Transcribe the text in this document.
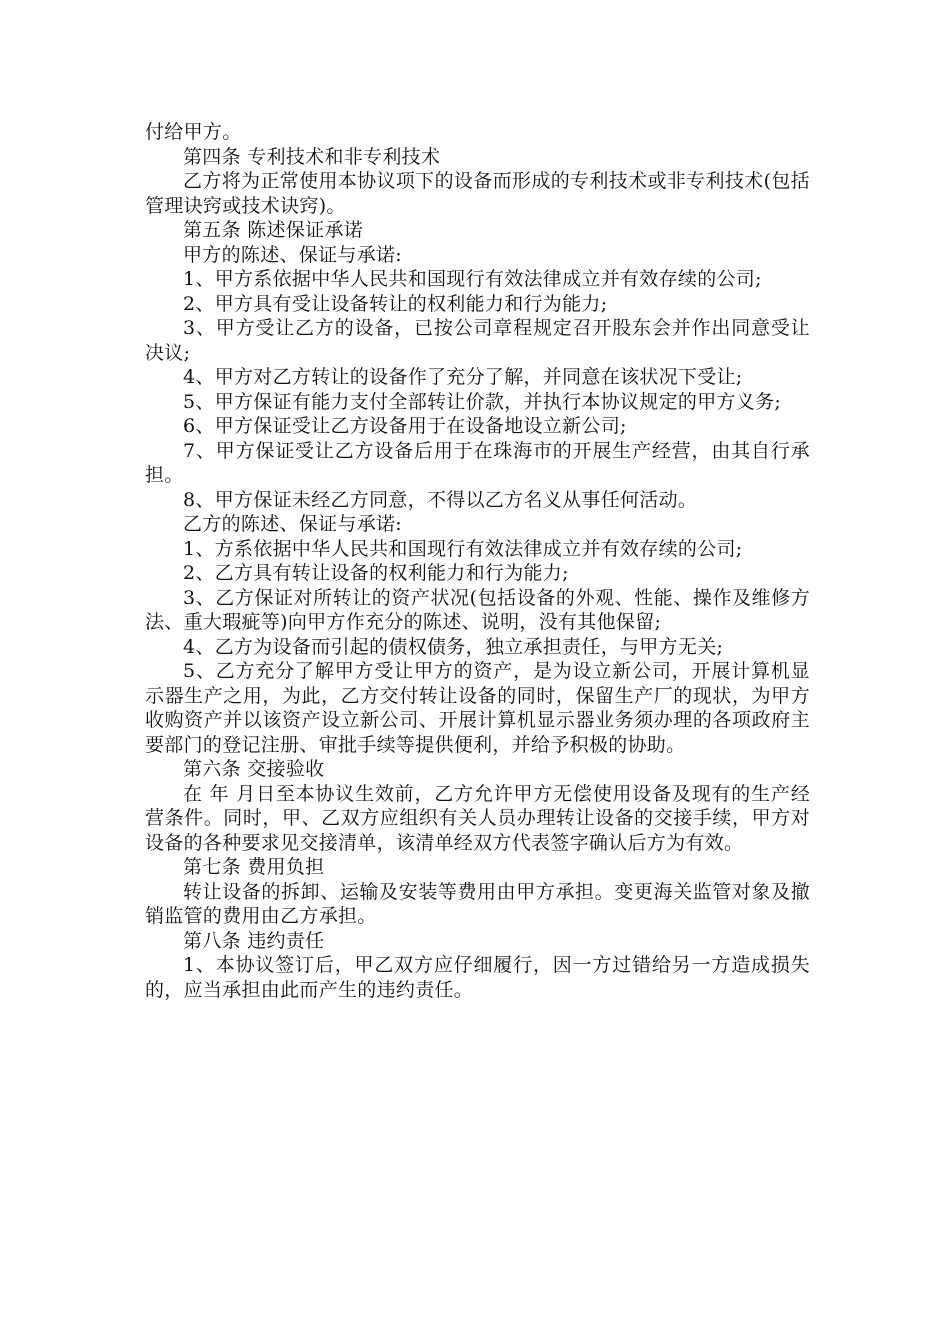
付给甲方。

第四条 专利技术和非专利技术

乙方将为正常使用本协议项下的设备而形成的专利技术或非专利技术(包括管理诀窍或技术诀窍)。

第五条 陈述保证承诺

甲方的陈述、保证与承诺:

1、甲方系依据中华人民共和国现行有效法律成立并有效存续的公司;

2、甲方具有受让设备转让的权利能力和行为能力;

3、甲方受让乙方的设备，已按公司章程规定召开股东会并作出同意受让决议;

4、甲方对乙方转让的设备作了充分了解，并同意在该状况下受让;

5、甲方保证有能力支付全部转让价款，并执行本协议规定的甲方义务;

6、甲方保证受让乙方设备用于在设备地设立新公司;

7、甲方保证受让乙方设备后用于在珠海市的开展生产经营，由其自行承担。

8、甲方保证未经乙方同意，不得以乙方名义从事任何活动。

乙方的陈述、保证与承诺:

1、方系依据中华人民共和国现行有效法律成立并有效存续的公司;

2、乙方具有转让设备的权利能力和行为能力;

3、乙方保证对所转让的资产状况(包括设备的外观、性能、操作及维修方法、重大瑕疵等)向甲方作充分的陈述、说明，没有其他保留;

4、乙方为设备而引起的债权债务，独立承担责任，与甲方无关;

5、乙方充分了解甲方受让甲方的资产，是为设立新公司，开展计算机显示器生产之用，为此，乙方交付转让设备的同时，保留生产厂的现状，为甲方收购资产并以该资产设立新公司、开展计算机显示器业务须办理的各项政府主要部门的登记注册、审批手续等提供便利，并给予积极的协助。

第六条 交接验收

在 年 月日至本协议生效前，乙方允许甲方无偿使用设备及现有的生产经营条件。同时，甲、乙双方应组织有关人员办理转让设备的交接手续，甲方对设备的各种要求见交接清单，该清单经双方代表签字确认后方为有效。

第七条 费用负担

转让设备的拆卸、运输及安装等费用由甲方承担。变更海关监管对象及撤销监管的费用由乙方承担。

第八条 违约责任

1、本协议签订后，甲乙双方应仔细履行，因一方过错给另一方造成损失的，应当承担由此而产生的违约责任。
